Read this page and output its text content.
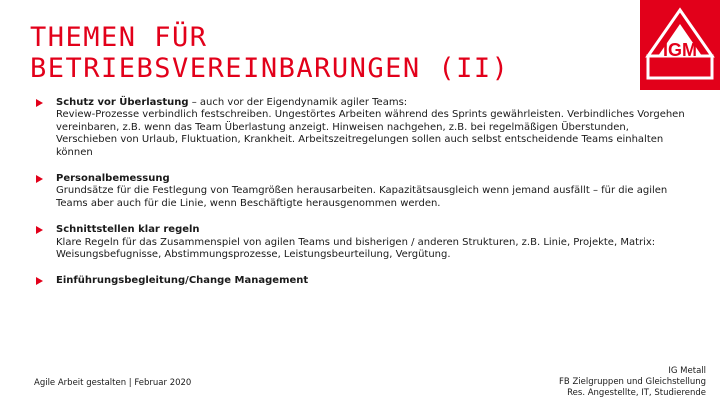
THEMEN FÜR BETRIEBSVEREINBARUNGEN (II)
IGM
Schutz vor Überlastung – auch vor der Eigendynamik agiler Teams:
Review-Prozesse verbindlich festschreiben. Ungestörtes Arbeiten während des Sprints gewährleisten. Verbindliches Vorgehen vereinbaren, z.B. wenn das Team Überlastung anzeigt. Hinweisen nachgehen, z.B. bei regelmäßigen Überstunden, Verschieben von Urlaub, Fluktuation, Krankheit. Arbeitszeitregelungen sollen auch selbst entscheidende Teams einhalten können
Personalbemessung
Grundsätze für die Festlegung von Teamgrößen herausarbeiten. Kapazitätsausgleich wenn jemand ausfällt – für die agilen Teams aber auch für die Linie, wenn Beschäftigte herausgenommen werden.
Schnittstellen klar regeln
Klare Regeln für das Zusammenspiel von agilen Teams und bisherigen / anderen Strukturen, z.B. Linie, Projekte, Matrix: Weisungsbefugnisse, Abstimmungsprozesse, Leistungsbeurteilung, Vergütung.
Einführungsbegleitung/Change Management
Agile Arbeit gestalten | Februar 2020
IG Metall
FB Zielgruppen und Gleichstellung
Res. Angestellte, IT, Studierende
